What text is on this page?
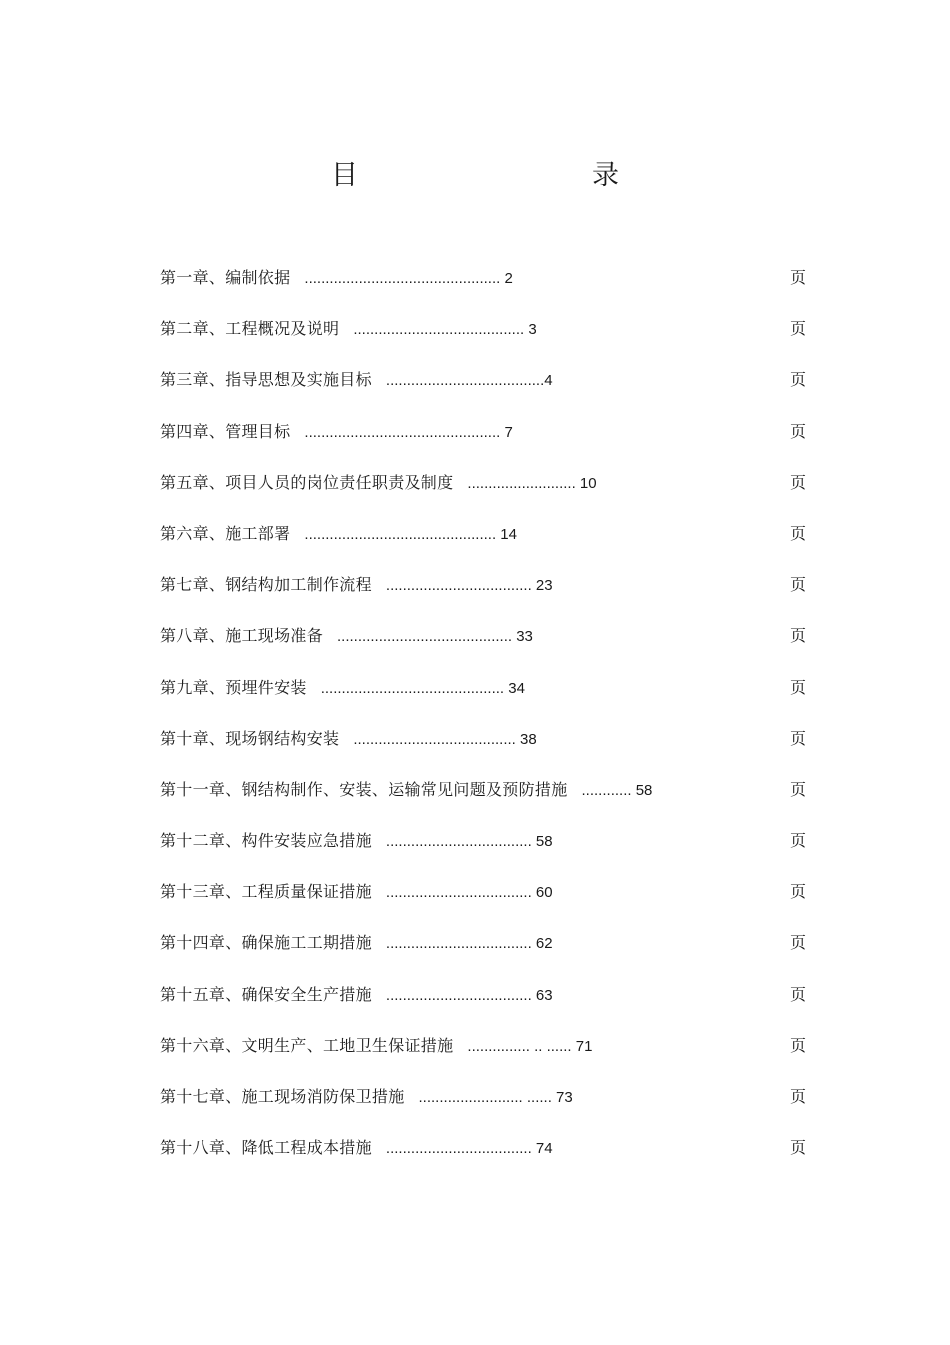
目　　录
第一章、编制依据 ............................................... 2	页
第二章、工程概况及说明 ......................................... 3	页
第三章、指导思想及实施目标 ......................................4	页
第四章、管理目标 ............................................... 7	页
第五章、项目人员的岗位责任职责及制度 .......................... 10	页
第六章、施工部署 .............................................. 14	页
第七章、钢结构加工制作流程 ................................... 23	页
第八章、施工现场准备 .......................................... 33	页
第九章、预埋件安装 ............................................ 34	页
第十章、现场钢结构安装 ....................................... 38	页
第十一章、钢结构制作、安装、运输常见问题及预防措施 ............ 58	页
第十二章、构件安装应急措施 ................................... 58	页
第十三章、工程质量保证措施 ................................... 60	页
第十四章、确保施工工期措施 ................................... 62	页
第十五章、确保安全生产措施 ................................... 63	页
第十六章、文明生产、工地卫生保证措施 ............... .. ...... 71	页
第十七章、施工现场消防保卫措施 ......................... ...... 73	页
第十八章、降低工程成本措施 ................................... 74	页
